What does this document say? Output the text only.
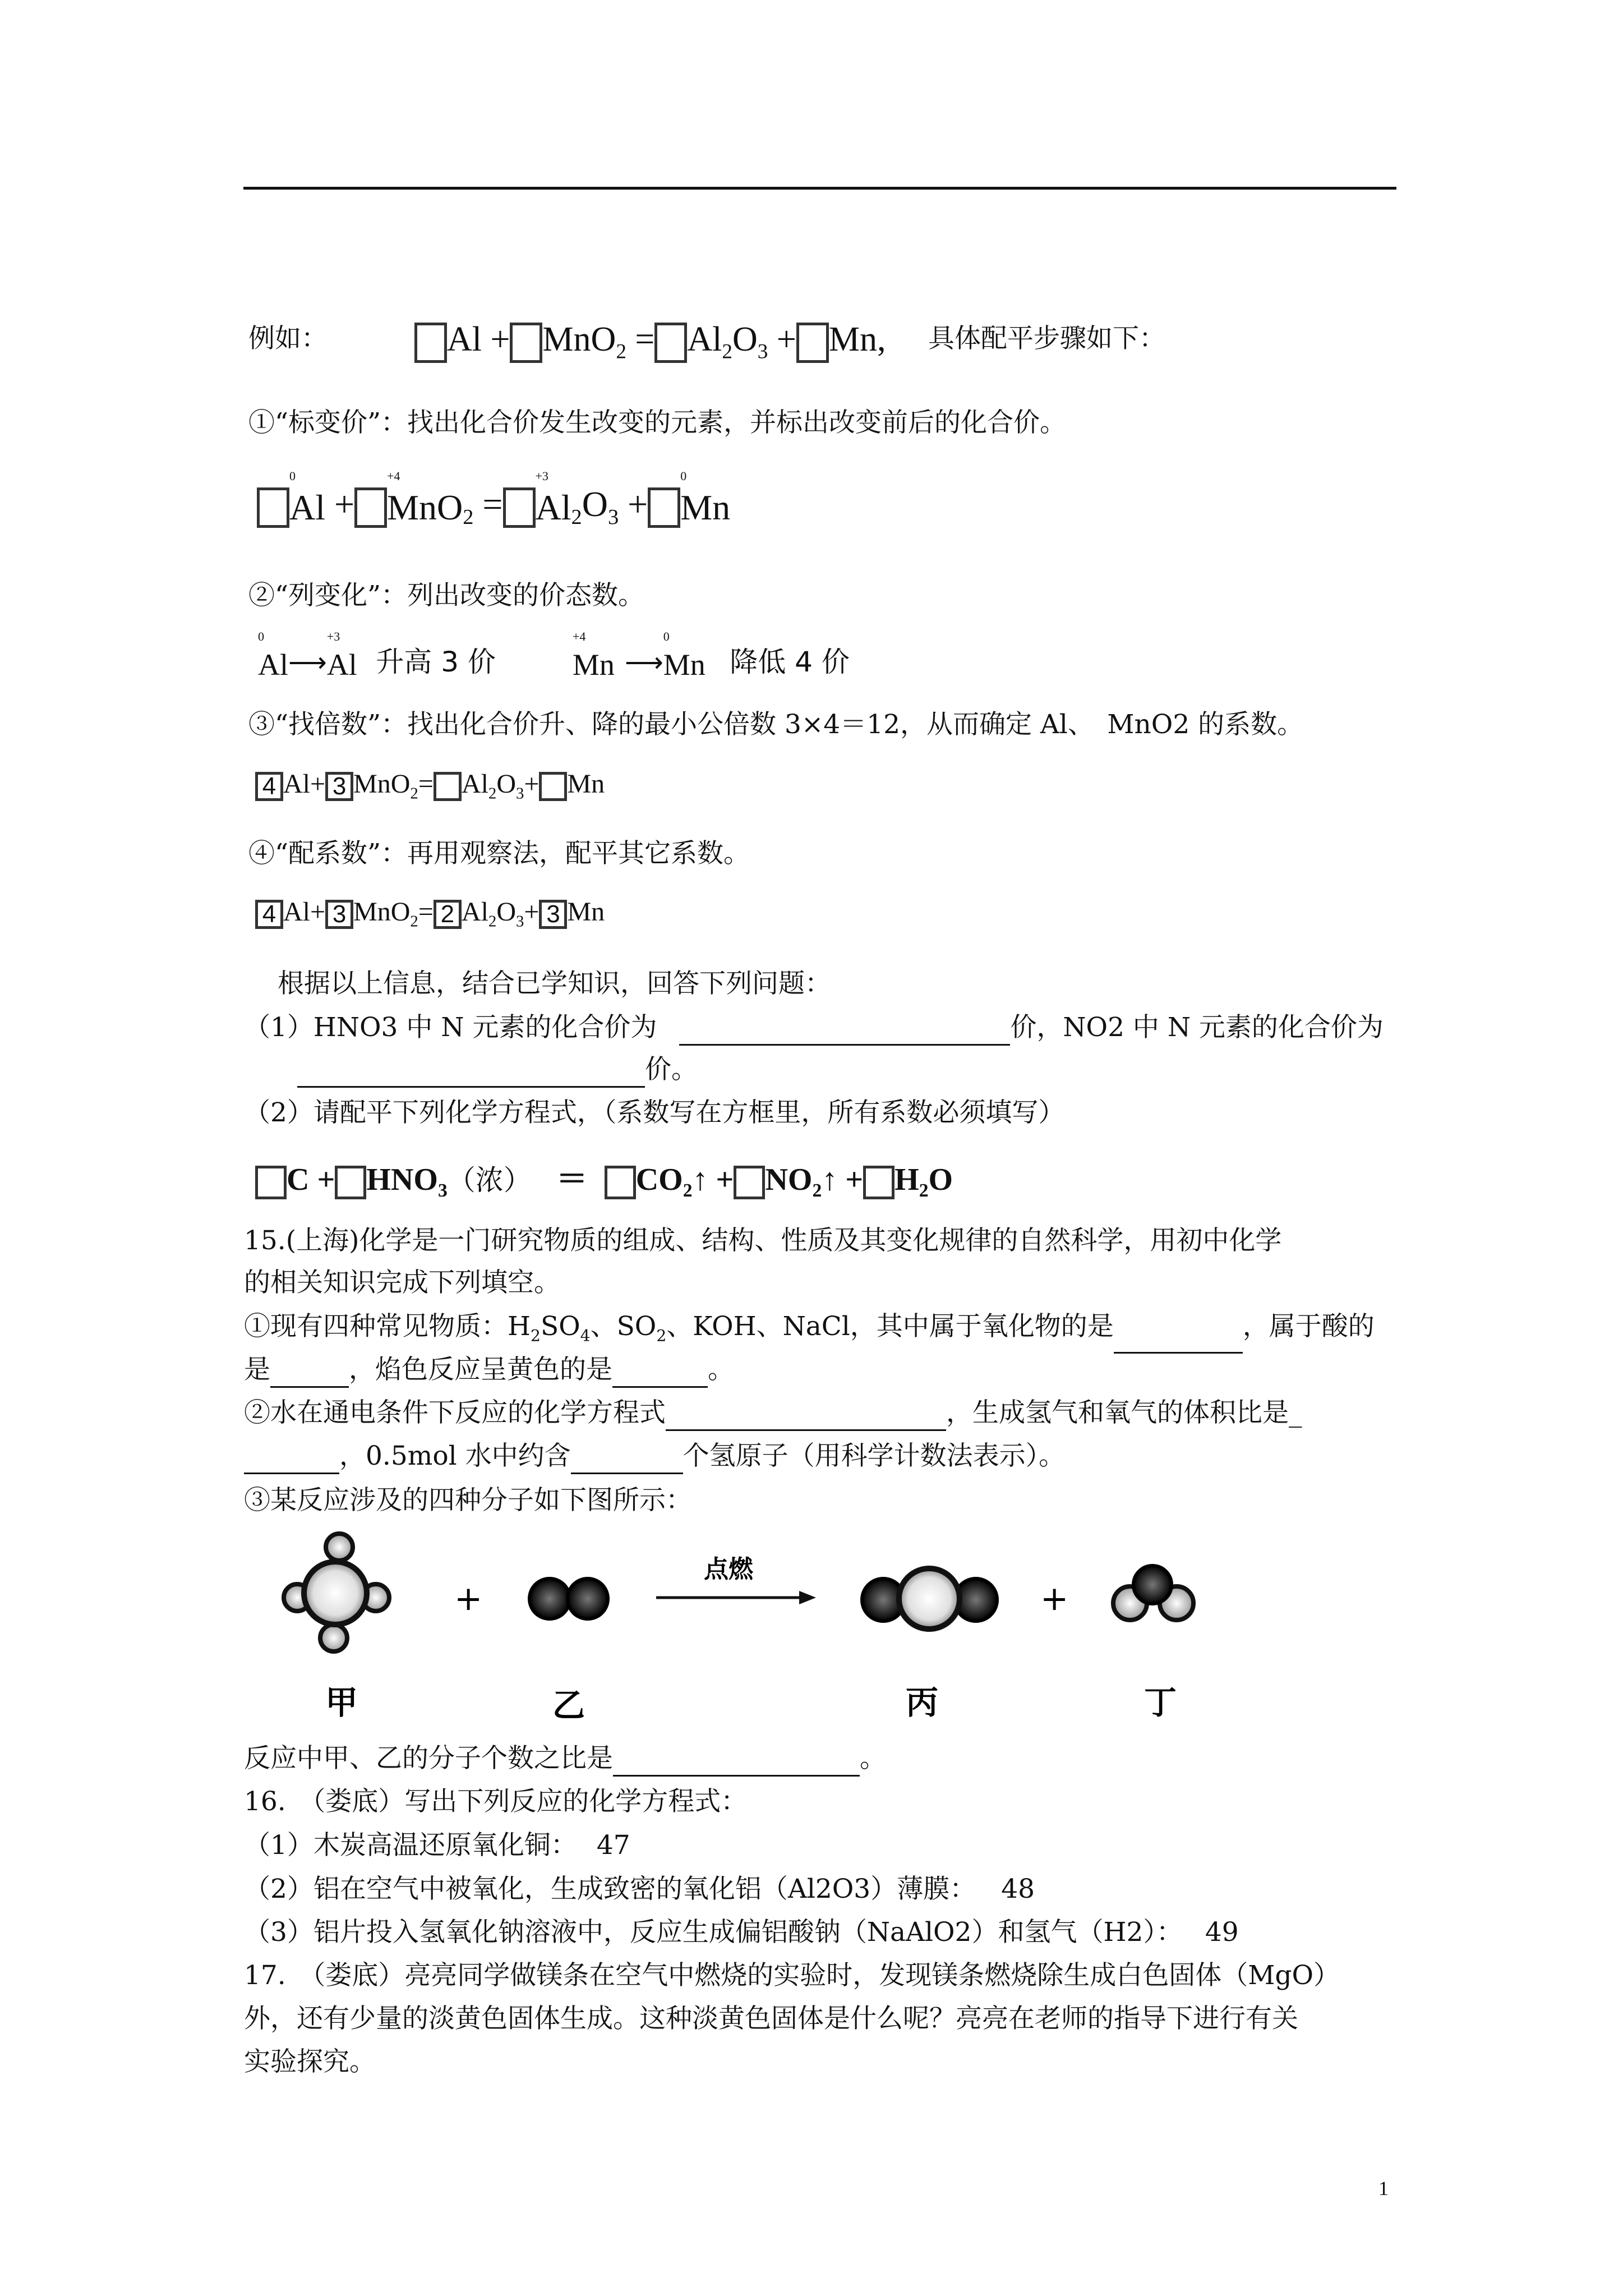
例如：	$Al + MnO_2 = Al_2O_3 + Mn$, 具体配平步骤如下：
①“标变价”：找出化合价发生改变的元素，并标出改变前后的化合价。
0
Al +
+4
MnO$_2$ =
+3
$Al_2O_3$ +
0
Mn
②“列变化”：列出改变的价态数。
0
Al⟶
+3
Al 升高 3 价
+4
Mn ⟶
0
Mn 降低 4 价
③“找倍数”：找出化合价升、降的最小公倍数 3×4＝12，从而确定 Al、　MnO2 的系数。
4 Al+ 3 $MnO_2= Al_2O_3+ Mn$
④“配系数”：再用观察法，配平其它系数。
4 Al+ 3 MnO$_2$= 2 $Al_2O_3+ 3$ Mn
根据以上信息，结合已学知识，回答下列问题：
（1）HNO3 中 N 元素的化合价为	价，NO2 中 N 元素的化合价为
价。
（2）请配平下列化学方程式，（系数写在方框里，所有系数必须填写）
$C + HNO_3$（浓） ＝ $CO_2↑$ + $NO_2↑ + H_2O$
15.(上海)化学是一门研究物质的组成、结构、性质及其变化规律的自然科学，用初中化学
的相关知识完成下列填空。
①现有四种常见物质：$H_2SO_4$、$SO_2$、KOH、NaCl，其中属于氧化物的是	，属于酸的
是	，焰色反应呈黄色的是	。
②水在通电条件下反应的化学方程式	，生成氢气和氧气的体积比是_
，0.5mol 水中约含	个氢原子（用科学计数法表示）。
③某反应涉及的四种分子如下图所示：
+
点燃
+
甲	乙	丙	丁
反应中甲、乙的分子个数之比是	。
16.　（娄底）写出下列反应的化学方程式：
（1）木炭高温还原氧化铜： 47
（2）铝在空气中被氧化，生成致密的氧化铝（Al2O3）薄膜： 48
（3）铝片投入氢氧化钠溶液中，反应生成偏铝酸钠（NaAlO2）和氢气（H2）： 49
17.　（娄底）亮亮同学做镁条在空气中燃烧的实验时，发现镁条燃烧除生成白色固体（MgO）
外，还有少量的淡黄色固体生成。这种淡黄色固体是什么呢？亮亮在老师的指导下进行有关
实验探究。
1
